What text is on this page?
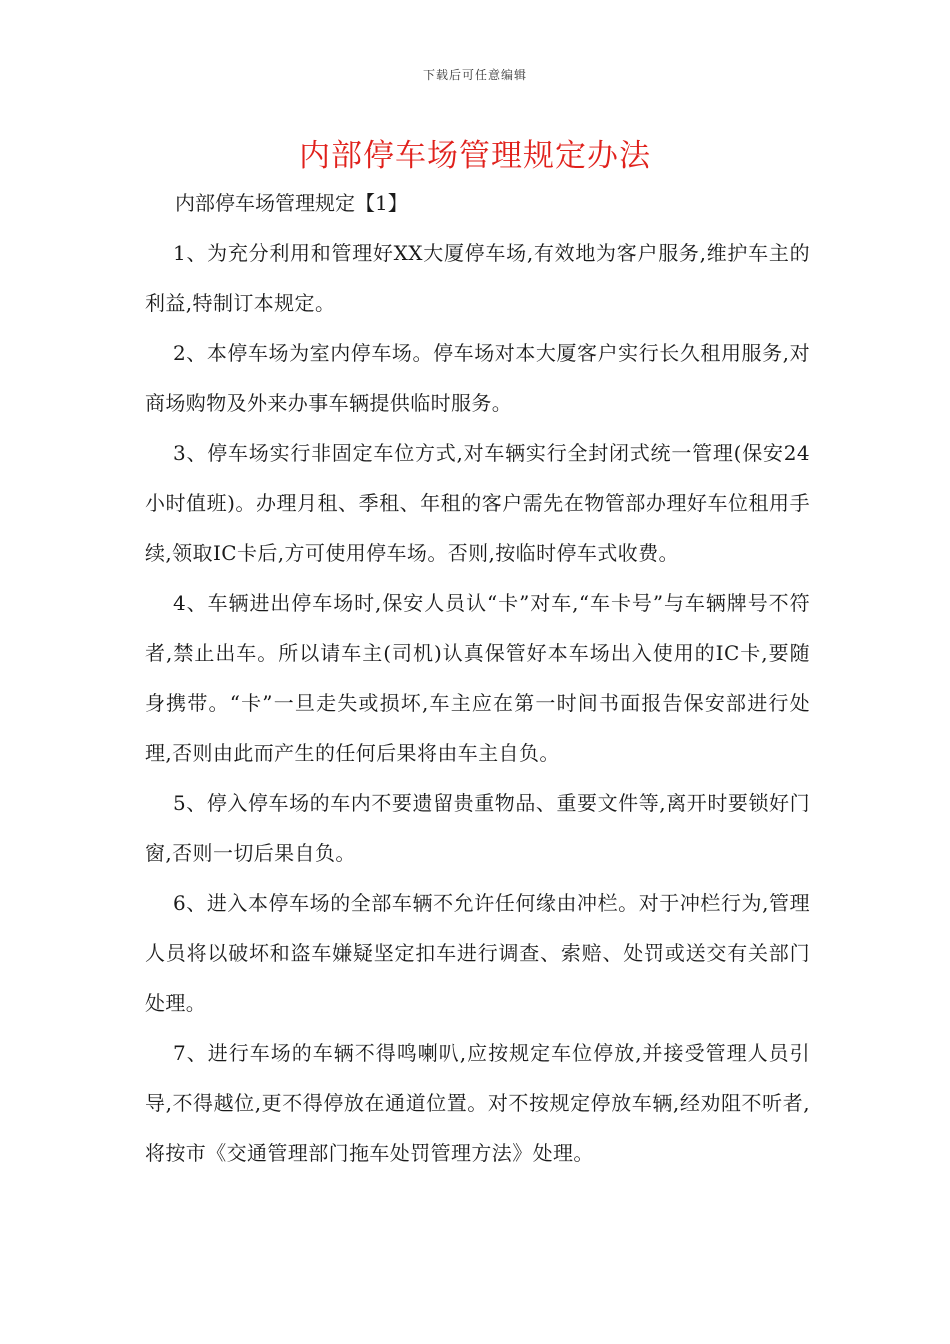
下载后可任意编辑
内部停车场管理规定办法

内部停车场管理规定【1】

1、为充分利用和管理好XX大厦停车场,有效地为客户服务,维护车主的利益,特制订本规定。

2、本停车场为室内停车场。停车场对本大厦客户实行长久租用服务,对商场购物及外来办事车辆提供临时服务。

3、停车场实行非固定车位方式,对车辆实行全封闭式统一管理(保安24小时值班)。办理月租、季租、年租的客户需先在物管部办理好车位租用手续,领取IC卡后,方可使用停车场。否则,按临时停车式收费。

4、车辆进出停车场时,保安人员认“卡”对车,“车卡号”与车辆牌号不符者,禁止出车。所以请车主(司机)认真保管好本车场出入使用的IC卡,要随身携带。“卡”一旦走失或损坏,车主应在第一时间书面报告保安部进行处理,否则由此而产生的任何后果将由车主自负。

5、停入停车场的车内不要遗留贵重物品、重要文件等,离开时要锁好门窗,否则一切后果自负。

6、进入本停车场的全部车辆不允许任何缘由冲栏。对于冲栏行为,管理人员将以破坏和盗车嫌疑坚定扣车进行调查、索赔、处罚或送交有关部门处理。

7、进行车场的车辆不得鸣喇叭,应按规定车位停放,并接受管理人员引导,不得越位,更不得停放在通道位置。对不按规定停放车辆,经劝阻不听者,将按市《交通管理部门拖车处罚管理方法》处理。
